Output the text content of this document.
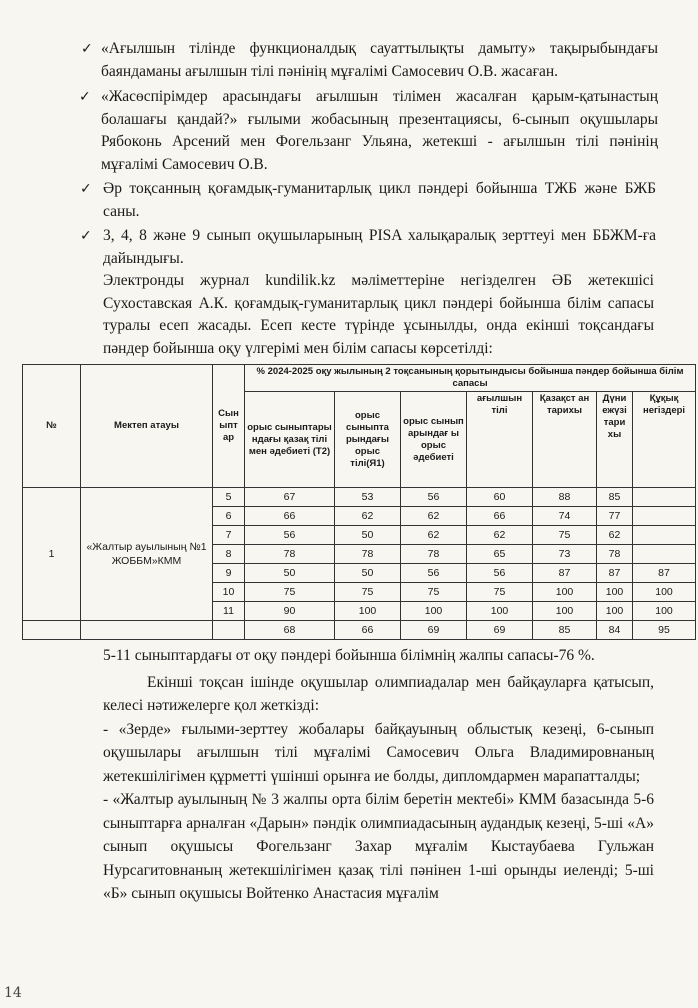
✓ «Ағылшын тілінде функционалдық сауаттылықты дамыту» тақырыбындағы баяндаманы ағылшын тілі пәнінің мұғалімі Самосевич О.В. жасаған.
✓ «Жасөспірімдер арасындағы ағылшын тілімен жасалған қарым-қатынастың болашағы қандай?» ғылыми жобасының презентациясы, 6-сынып оқушылары Рябоконь Арсений мен Фогельзанг Ульяна, жетекші - ағылшын тілі пәнінің мұғалімі Самосевич О.В.
✓ Әр тоқсанның қоғамдық-гуманитарлық цикл пәндері бойынша ТЖБ және БЖБ саны.
✓ 3, 4, 8 және 9 сынып оқушыларының PISA халықаралық зерттеуі мен ББЖМ-ға дайындығы.
Электронды журнал kundilik.kz мәліметтеріне негізделген ӘБ жетекшісі Сухоставская А.К. қоғамдық-гуманитарлық цикл пәндері бойынша білім сапасы туралы есеп жасады. Есеп кесте түрінде ұсынылды, онда екінші тоқсандағы пәндер бойынша оқу үлгерімі мен білім сапасы көрсетілді:
№	Мектеп атауы	Сын ыпт ар	% 2024-2025 оқу жылының 2 тоқсанының қорытындысы бойынша пәндер бойынша білім сапасы						
			орыс сыныптары ндағы қазақ тілі мен әдебиеті (Т2)	орыс сыныпта рындағы орыс тілі(Я1)	орыс сынып арындағ ы орыс әдебиеті	ағылшын тілі	Қазақст ан тарихы	Дүни ежүзі тари хы	Құқық негіздері
1	«Жалтыр ауылының №1 ЖОББМ»КММ	5	67	53	56	60	88	85	
		6	66	62	62	66	74	77	
		7	56	50	62	62	75	62	
		8	78	78	78	65	73	78	
		9	50	50	56	56	87	87	87
		10	75	75	75	75	100	100	100
		11	90	100	100	100	100	100	100
			68	66	69	69	85	84	95
5-11 сыныптардағы от оқу пәндері бойынша білімнің жалпы сапасы-76 %.
Екінші тоқсан ішінде оқушылар олимпиадалар мен байқауларға қатысып, келесі нәтижелерге қол жеткізді:
- «Зерде» ғылыми-зерттеу жобалары байқауының облыстық кезеңі, 6-сынып оқушылары ағылшын тілі мұғалімі Самосевич Ольга Владимировнаның жетекшілігімен құрметті үшінші орынға ие болды, дипломдармен марапатталды;
- «Жалтыр ауылының № 3 жалпы орта білім беретін мектебі» КММ базасында 5-6 сыныптарға арналған «Дарын» пәндік олимпиадасының аудандық кезеңі, 5-ші «А» сынып оқушысы Фогельзанг Захар мұғалім Кыстаубаева Гульжан Нурсагитовнаның жетекшілігімен қазақ тілі пәнінен 1-ші орынды иеленді; 5-ші «Б» сынып оқушысы Войтенко Анастасия мұғалім
14
